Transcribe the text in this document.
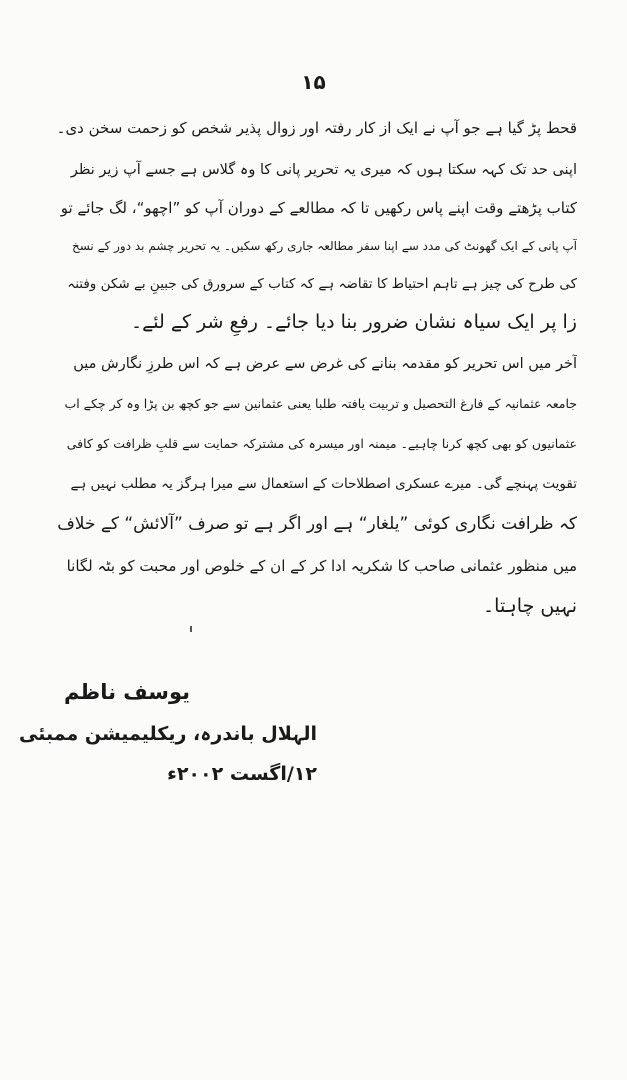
۱۵
قحط پڑ گیا ہے جو آپ نے ایک از کار رفتہ اور زوال پذیر شخص کو زحمت سخن دی۔
اپنی حد تک کہہ سکتا ہوں کہ میری یہ تحریر پانی کا وہ گلاس ہے جسے آپ زیر نظر
کتاب پڑھتے وقت اپنے پاس رکھیں تا کہ مطالعے کے دوران آپ کو ”اچھو“، لگ جائے تو
آپ پانی کے ایک گھونٹ کی مدد سے اپنا سفر مطالعہ جاری رکھ سکیں۔ یہ تحریر چشم بد دور کے نسخ
کی طرح کی چیز ہے تاہم احتیاط کا تقاضہ ہے کہ کتاب کے سرورق کی جبینِ بے شکن وفتنہ
زا پر ایک سیاہ نشان ضرور بنا دیا جائے۔ رفعِ شر کے لئے۔
آخر میں اس تحریر کو مقدمہ بنانے کی غرض سے عرض ہے کہ اس طرزِ نگارش میں
جامعہ عثمانیہ کے فارغ التحصیل و تربیت یافتہ طلبا یعنی عثمانین سے جو کچھ بن پڑا وہ کر چکے اب
عثمانیوں کو بھی کچھ کرنا چاہیے۔ میمنہ اور میسرہ کی مشترکہ حمایت سے قلبِ ظرافت کو کافی
تقویت پہنچے گی۔ میرے عسکری اصطلاحات کے استعمال سے میرا ہرگز یہ مطلب نہیں ہے
کہ ظرافت نگاری کوئی ”یلغار“ ہے اور اگر ہے تو صرف ”آلائش“ کے خلاف
میں منظور عثمانی صاحب کا شکریہ ادا کر کے ان کے خلوص اور محبت کو بٹہ لگانا
نہیں چاہتا۔
یوسف ناظم
الہلال باندرہ، ریکلیمیشن ممبئی
۱۲/اگست ۲۰۰۲ء
